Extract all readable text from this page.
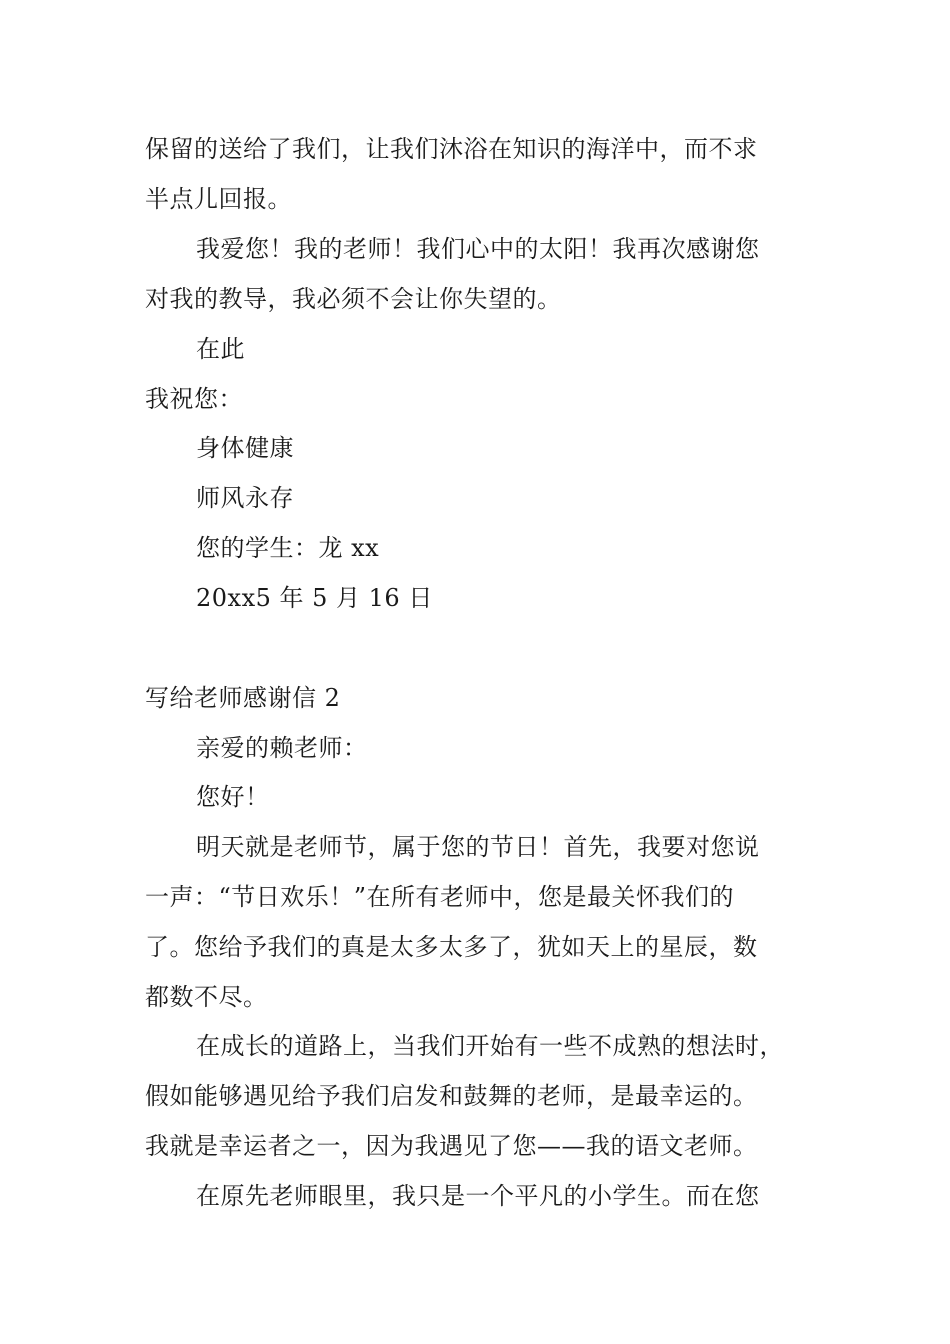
保留的送给了我们，让我们沐浴在知识的海洋中，而不求
半点儿回报。
我爱您！我的老师！我们心中的太阳！我再次感谢您
对我的教导，我必须不会让你失望的。
在此
我祝您：
身体健康
师风永存
您的学生：龙 xx
20xx5 年 5 月 16 日
写给老师感谢信 2
亲爱的赖老师：
您好！
明天就是老师节，属于您的节日！首先，我要对您说
一声：“节日欢乐！”在所有老师中，您是最关怀我们的
了。您给予我们的真是太多太多了，犹如天上的星辰，数
都数不尽。
在成长的道路上，当我们开始有一些不成熟的想法时，
假如能够遇见给予我们启发和鼓舞的老师，是最幸运的。
我就是幸运者之一，因为我遇见了您——我的语文老师。
在原先老师眼里，我只是一个平凡的小学生。而在您
